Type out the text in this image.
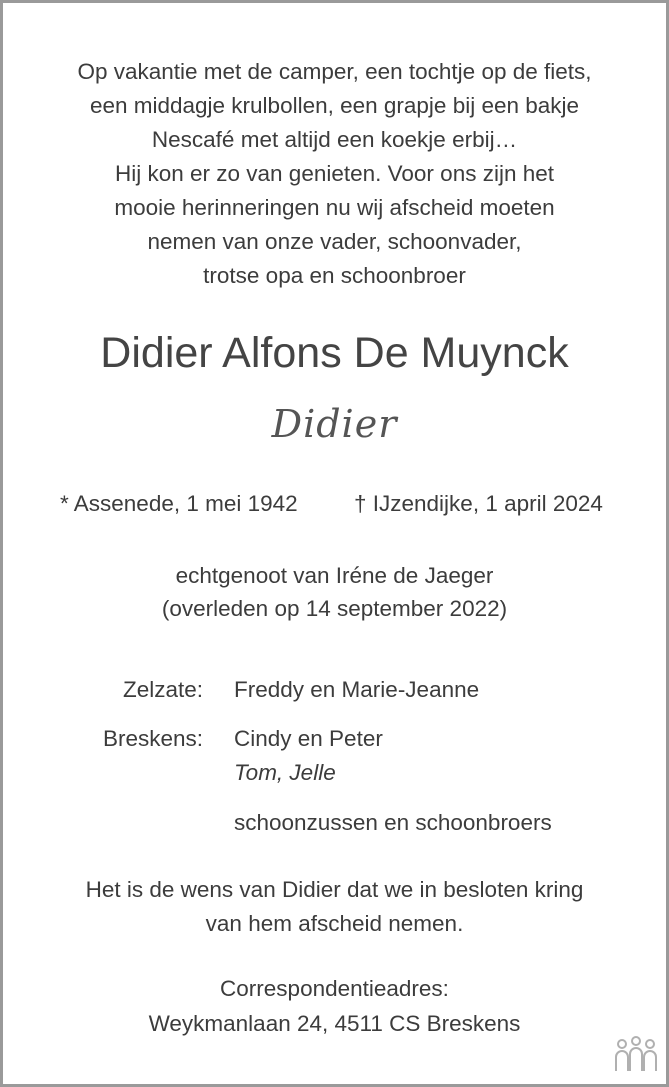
Op vakantie met de camper, een tochtje op de fiets,
een middagje krulbollen, een grapje bij een bakje
Nescafé met altijd een koekje erbij…
Hij kon er zo van genieten. Voor ons zijn het
mooie herinneringen nu wij afscheid moeten
nemen van onze vader, schoonvader,
trotse opa en schoonbroer
Didier Alfons De Muynck
Didier
* Assenede, 1 mei 1942	† IJzendijke, 1 april 2024
echtgenoot van Iréne de Jaeger
(overleden op 14 september 2022)
Zelzate: Freddy en Marie-Jeanne
Breskens: Cindy en Peter
Tom, Jelle
schoonzussen en schoonbroers
Het is de wens van Didier dat we in besloten kring
van hem afscheid nemen.
Correspondentieadres:
Weykmanlaan 24, 4511 CS Breskens
